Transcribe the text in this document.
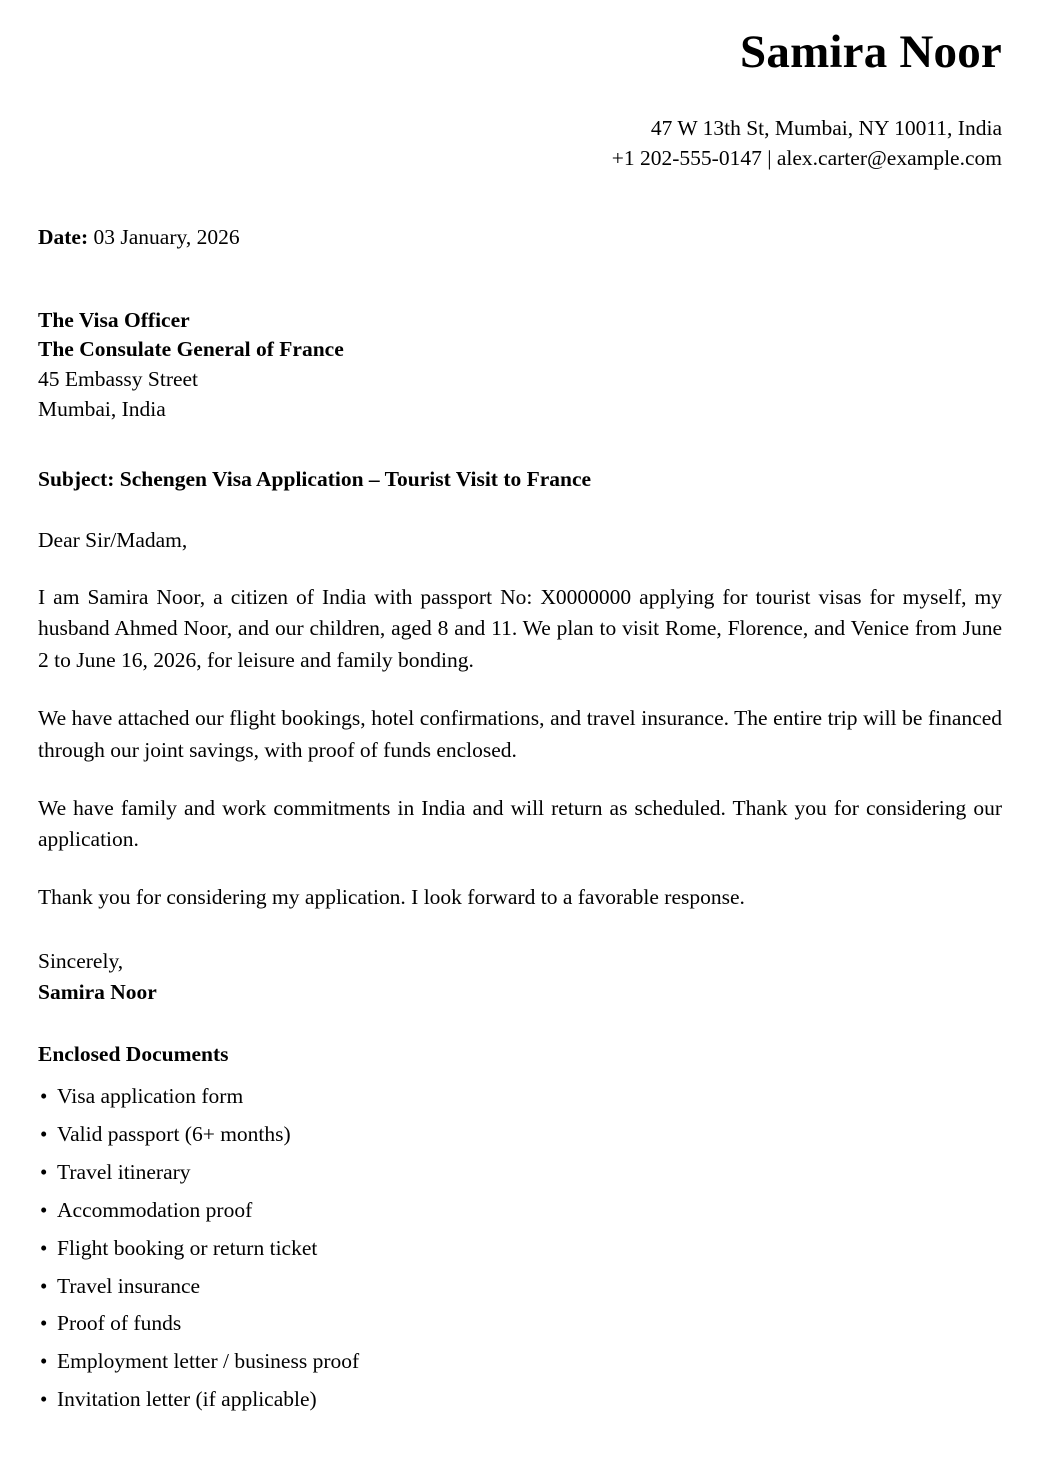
Samira Noor
47 W 13th St, Mumbai, NY 10011, India
+1 202-555-0147 | alex.carter@example.com

Date: 03 January, 2026

The Visa Officer
The Consulate General of France
45 Embassy Street
Mumbai, India

Subject: Schengen Visa Application – Tourist Visit to France

Dear Sir/Madam,

I am Samira Noor, a citizen of India with passport No: X0000000 applying for tourist visas for myself, my husband Ahmed Noor, and our children, aged 8 and 11. We plan to visit Rome, Florence, and Venice from June 2 to June 16, 2026, for leisure and family bonding.

We have attached our flight bookings, hotel confirmations, and travel insurance. The entire trip will be financed through our joint savings, with proof of funds enclosed.

We have family and work commitments in India and will return as scheduled. Thank you for considering our application.

Thank you for considering my application. I look forward to a favorable response.

Sincerely,
Samira Noor

Enclosed Documents

• Visa application form
• Valid passport (6+ months)
• Travel itinerary
• Accommodation proof
• Flight booking or return ticket
• Travel insurance
• Proof of funds
• Employment letter / business proof
• Invitation letter (if applicable)
